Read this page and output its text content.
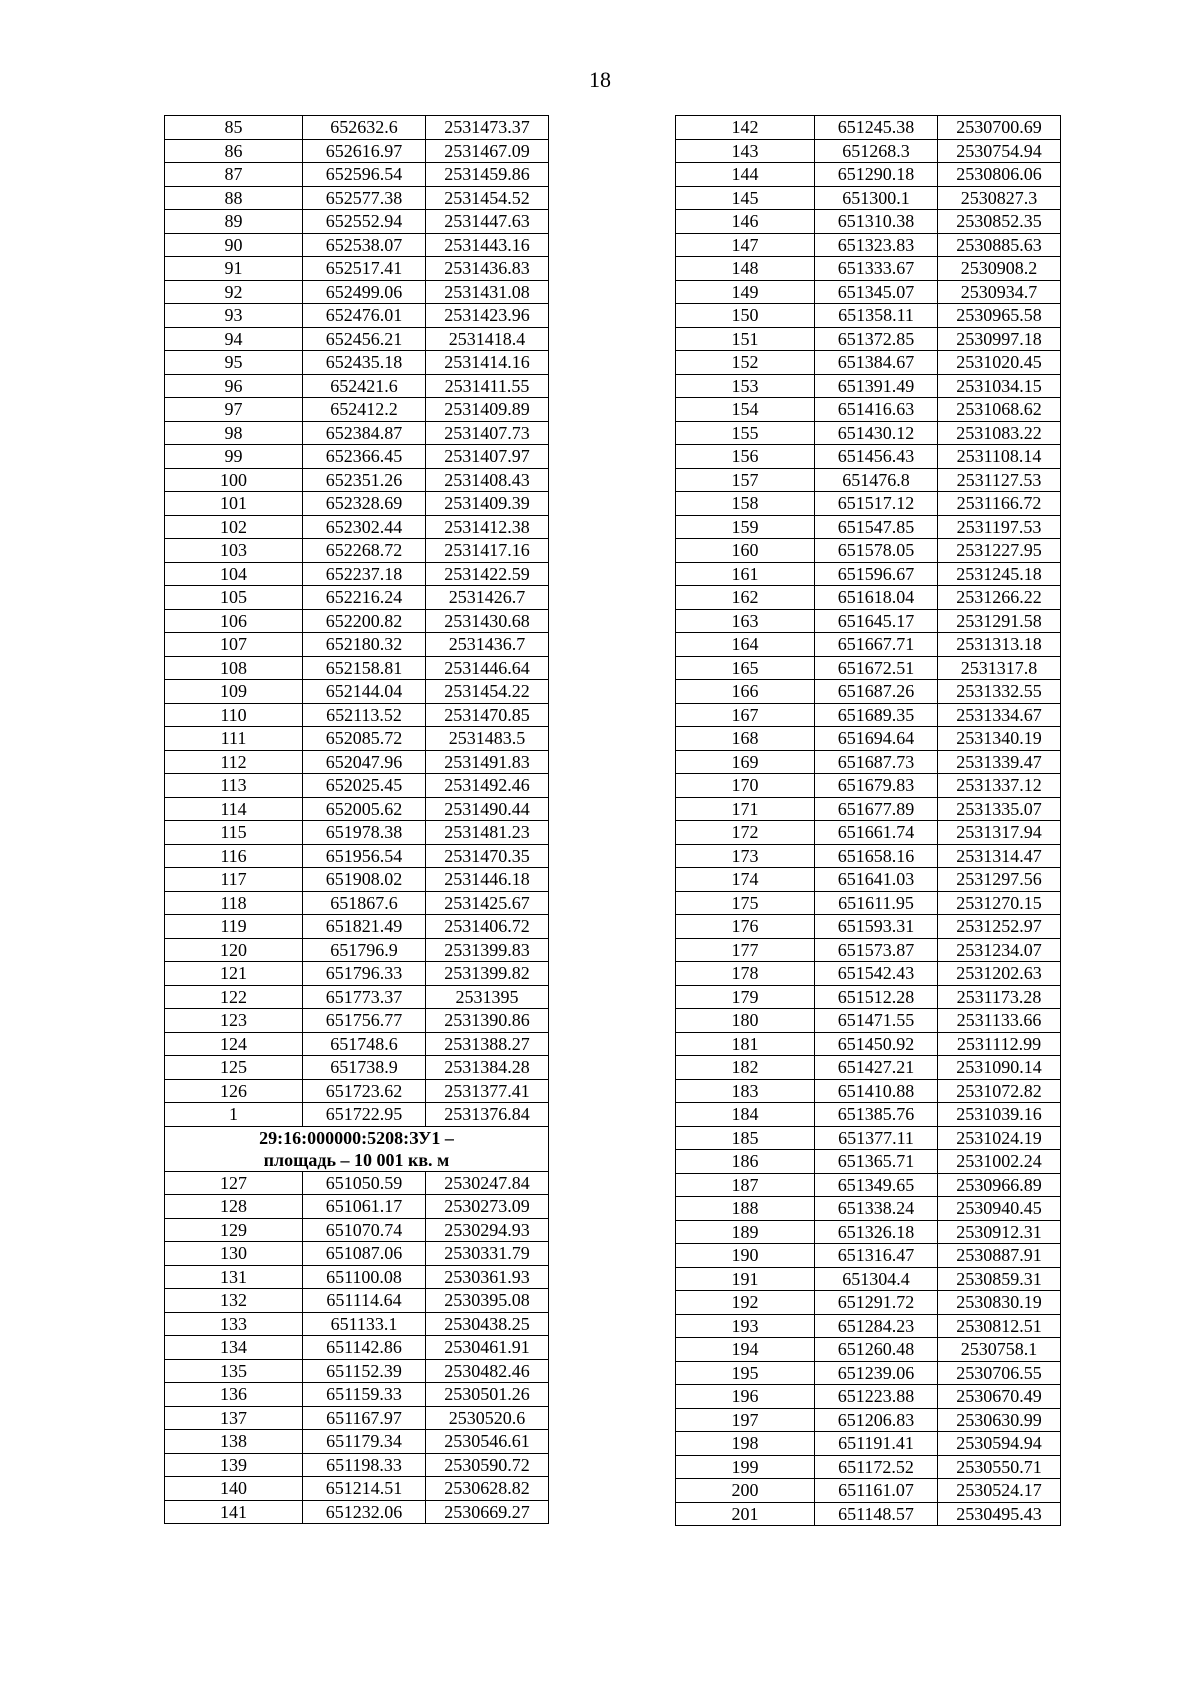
18
85	652632.6	2531473.37
86	652616.97	2531467.09
87	652596.54	2531459.86
88	652577.38	2531454.52
89	652552.94	2531447.63
90	652538.07	2531443.16
91	652517.41	2531436.83
92	652499.06	2531431.08
93	652476.01	2531423.96
94	652456.21	2531418.4
95	652435.18	2531414.16
96	652421.6	2531411.55
97	652412.2	2531409.89
98	652384.87	2531407.73
99	652366.45	2531407.97
100	652351.26	2531408.43
101	652328.69	2531409.39
102	652302.44	2531412.38
103	652268.72	2531417.16
104	652237.18	2531422.59
105	652216.24	2531426.7
106	652200.82	2531430.68
107	652180.32	2531436.7
108	652158.81	2531446.64
109	652144.04	2531454.22
110	652113.52	2531470.85
111	652085.72	2531483.5
112	652047.96	2531491.83
113	652025.45	2531492.46
114	652005.62	2531490.44
115	651978.38	2531481.23
116	651956.54	2531470.35
117	651908.02	2531446.18
118	651867.6	2531425.67
119	651821.49	2531406.72
120	651796.9	2531399.83
121	651796.33	2531399.82
122	651773.37	2531395
123	651756.77	2531390.86
124	651748.6	2531388.27
125	651738.9	2531384.28
126	651723.62	2531377.41
1	651722.95	2531376.84

29:16:000000:5208:ЗУ1 –
площадь – 10 001 кв. м		

127	651050.59	2530247.84
128	651061.17	2530273.09
129	651070.74	2530294.93
130	651087.06	2530331.79
131	651100.08	2530361.93
132	651114.64	2530395.08
133	651133.1	2530438.25
134	651142.86	2530461.91
135	651152.39	2530482.46
136	651159.33	2530501.26
137	651167.97	2530520.6
138	651179.34	2530546.61
139	651198.33	2530590.72
140	651214.51	2530628.82
141	651232.06	2530669.27
142	651245.38	2530700.69
143	651268.3	2530754.94
144	651290.18	2530806.06
145	651300.1	2530827.3
146	651310.38	2530852.35
147	651323.83	2530885.63
148	651333.67	2530908.2
149	651345.07	2530934.7
150	651358.11	2530965.58
151	651372.85	2530997.18
152	651384.67	2531020.45
153	651391.49	2531034.15
154	651416.63	2531068.62
155	651430.12	2531083.22
156	651456.43	2531108.14
157	651476.8	2531127.53
158	651517.12	2531166.72
159	651547.85	2531197.53
160	651578.05	2531227.95
161	651596.67	2531245.18
162	651618.04	2531266.22
163	651645.17	2531291.58
164	651667.71	2531313.18
165	651672.51	2531317.8
166	651687.26	2531332.55
167	651689.35	2531334.67
168	651694.64	2531340.19
169	651687.73	2531339.47
170	651679.83	2531337.12
171	651677.89	2531335.07
172	651661.74	2531317.94
173	651658.16	2531314.47
174	651641.03	2531297.56
175	651611.95	2531270.15
176	651593.31	2531252.97
177	651573.87	2531234.07
178	651542.43	2531202.63
179	651512.28	2531173.28
180	651471.55	2531133.66
181	651450.92	2531112.99
182	651427.21	2531090.14
183	651410.88	2531072.82
184	651385.76	2531039.16
185	651377.11	2531024.19
186	651365.71	2531002.24
187	651349.65	2530966.89
188	651338.24	2530940.45
189	651326.18	2530912.31
190	651316.47	2530887.91
191	651304.4	2530859.31
192	651291.72	2530830.19
193	651284.23	2530812.51
194	651260.48	2530758.1
195	651239.06	2530706.55
196	651223.88	2530670.49
197	651206.83	2530630.99
198	651191.41	2530594.94
199	651172.52	2530550.71
200	651161.07	2530524.17
201	651148.57	2530495.43
